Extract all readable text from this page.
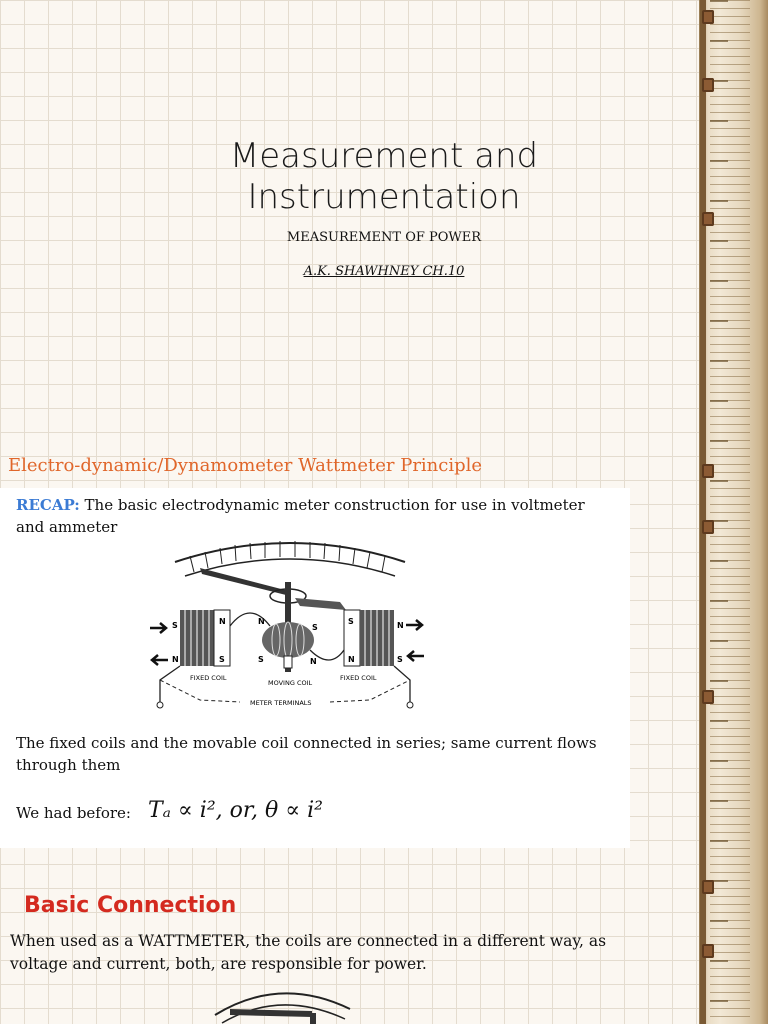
Measurement and
Instrumentation
MEASUREMENT OF POWER
A.K. SHAWHNEY CH.10
Electro-dynamic/Dynamometer Wattmeter Principle
RECAP: The basic electrodynamic meter construction for use in voltmeter and ammeter
S
N
N
S
N
S
S	N
S
N
N
S
FIXED COIL
MOVING COIL
FIXED COIL
METER TERMINALS
The fixed coils and the movable coil connected in series; same current flows through them
We had before: Tₐ ∝ i², or, θ ∝ i²
Basic Connection
When used as a WATTMETER, the coils are connected in a different way, as voltage and current, both, are responsible for power.
